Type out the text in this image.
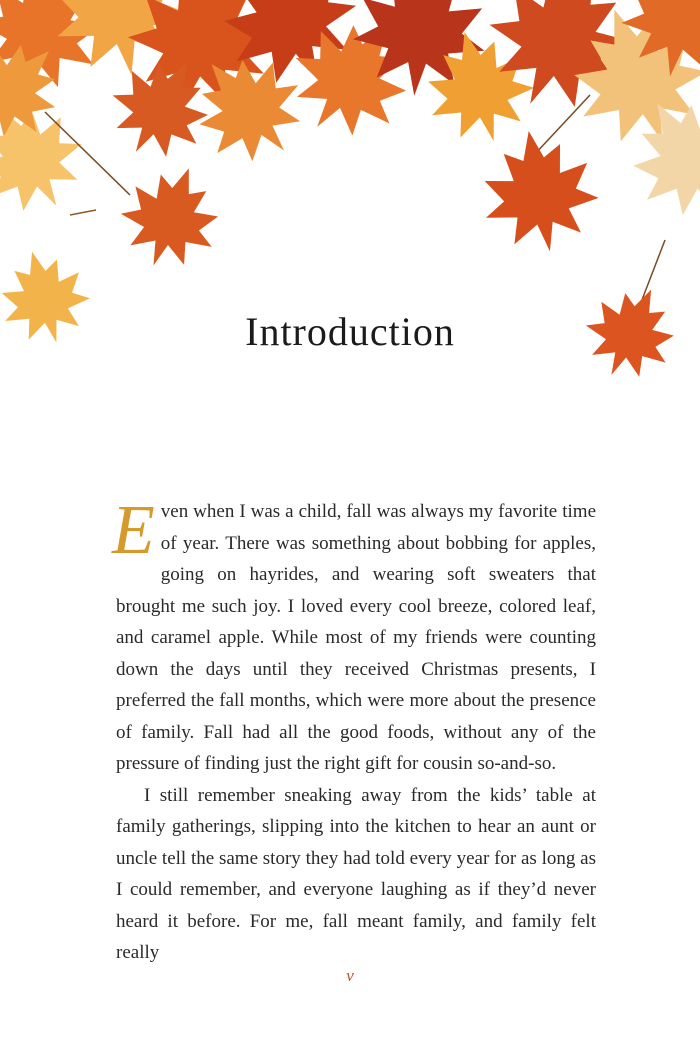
Introduction

Even when I was a child, fall was always my favorite time of year. There was something about bobbing for apples, going on hayrides, and wearing soft sweaters that brought me such joy. I loved every cool breeze, colored leaf, and caramel apple. While most of my friends were counting down the days until they received Christmas presents, I preferred the fall months, which were more about the presence of family. Fall had all the good foods, without any of the pressure of finding just the right gift for cousin so-and-so.

I still remember sneaking away from the kids’ table at family gatherings, slipping into the kitchen to hear an aunt or uncle tell the same story they had told every year for as long as I could remember, and everyone laughing as if they’d never heard it before. For me, fall meant family, and family felt really

v
